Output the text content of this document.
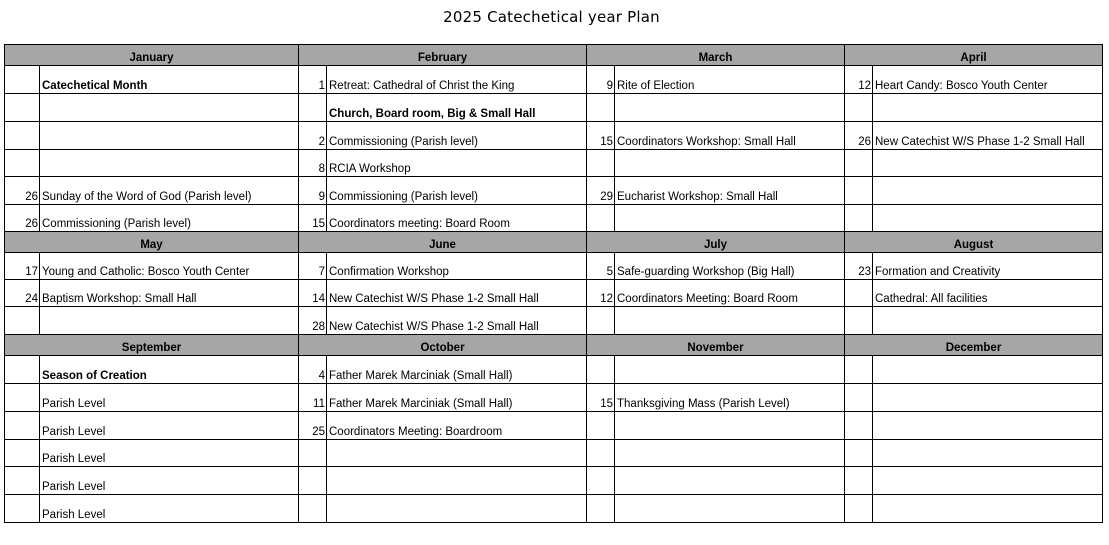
2025 Catechetical year Plan
January		February		March		April	
	Catechetical Month	1	Retreat: Cathedral of Christ the King	9	Rite of Election	12	Heart Candy: Bosco Youth Center
			Church, Board room, Big & Small Hall				
		2	Commissioning (Parish level)	15	Coordinators Workshop: Small Hall	26	New Catechist W/S Phase 1-2 Small Hall
		8	RCIA Workshop				
26	Sunday of the Word of God (Parish level)	9	Commissioning (Parish level)	29	Eucharist Workshop: Small Hall		
26	Commissioning (Parish level)	15	Coordinators meeting: Board Room				
May		June		July		August	
17	Young and Catholic: Bosco Youth Center	7	Confirmation Workshop	5	Safe-guarding Workshop (Big Hall)	23	Formation and Creativity
24	Baptism Workshop: Small Hall	14	New Catechist W/S Phase 1-2 Small Hall	12	Coordinators Meeting: Board Room		Cathedral: All facilities
		28	New Catechist W/S Phase 1-2 Small Hall				
September		October		November		December	
	Season of Creation	4	Father Marek Marciniak (Small Hall)				
	Parish Level	11	Father Marek Marciniak (Small Hall)	15	Thanksgiving Mass (Parish Level)		
	Parish Level	25	Coordinators Meeting: Boardroom				
	Parish Level						
	Parish Level						
	Parish Level						
